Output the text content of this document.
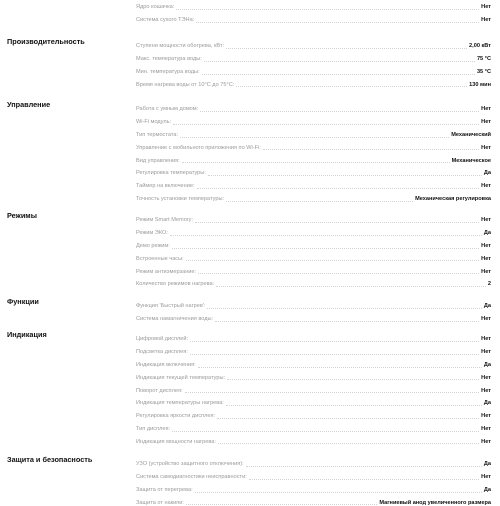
Ядро кошачка:	Нет
Система сухого ТЭНа:	Нет
Производительность
Ступени мощности обогрева, кВт:	2,00 кВт
Макс. температура воды:	75 °С
Мин. температура воды:	35 °С
Время нагрева воды от 10°С до 75°С:	130 мин
Управление
Работа с умным домом:	Нет
Wi-Fi модуль:	Нет
Тип термостата:	Механический
Управление с мобильного приложения по Wi-Fi:	Нет
Вид управления:	Механическое
Регулировка температуры:	Да
Таймер на включение:	Нет
Точность установки температуры:	Механическая регулировка
Режимы
Режим Smart Memory:	Нет
Режим ЭКО:	Да
Демо режим:	Нет
Встроенные часы:	Нет
Режим антиэмерзание:	Нет
Количество режимов нагрева:	2
Функции
Функция 'Быстрый нагрев':	Да
Система намагничения воды:	Нет
Индикация
Цифровой дисплей:	Нет
Подсветка дисплея:	Нет
Индикация включения:	Да
Индикация текущей температуры:	Нет
Поворот дисплея:	Нет
Индикация температуры нагрева:	Да
Регулировка яркости дисплея:	Нет
Тип дисплея:	Нет
Индикация мощности нагрева:	Нет
Защита и безопасность
УЗО (устройство защитного отключения):	Да
Система самодиагностики неисправности:	Нет
Защита от перегрева:	Да
Защита от накипи:	Магниевый анод увеличенного размера
